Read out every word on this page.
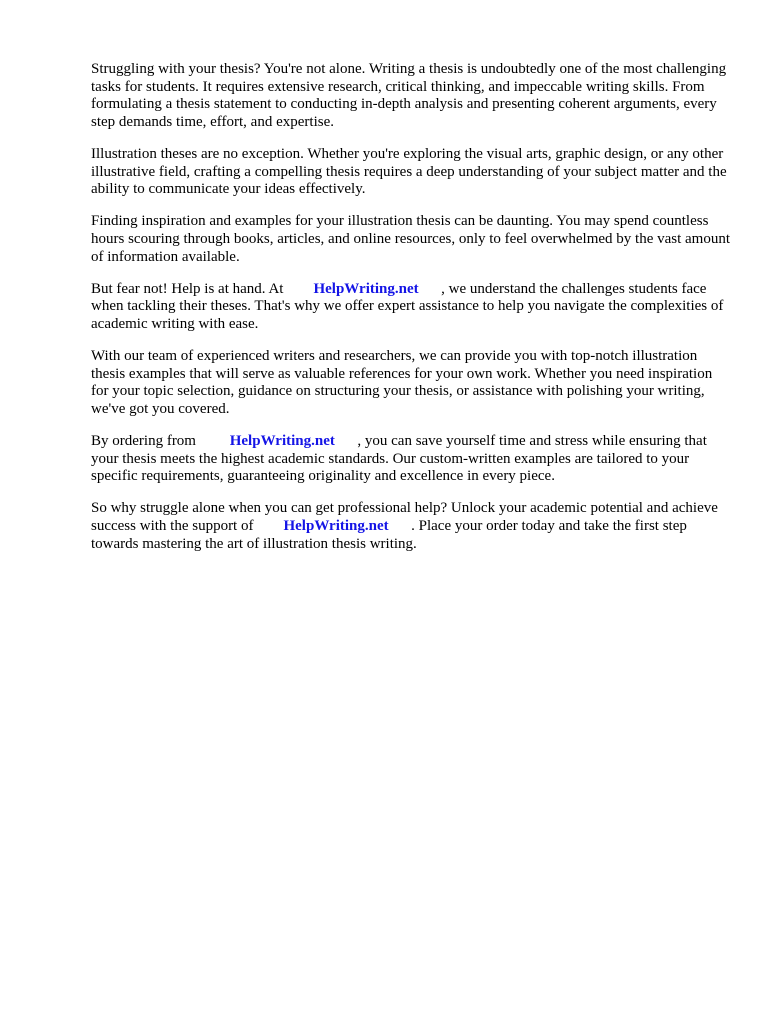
Struggling with your thesis? You're not alone. Writing a thesis is undoubtedly one of the most challenging tasks for students. It requires extensive research, critical thinking, and impeccable writing skills. From formulating a thesis statement to conducting in-depth analysis and presenting coherent arguments, every step demands time, effort, and expertise.

Illustration theses are no exception. Whether you're exploring the visual arts, graphic design, or any other illustrative field, crafting a compelling thesis requires a deep understanding of your subject matter and the ability to communicate your ideas effectively.

Finding inspiration and examples for your illustration thesis can be daunting. You may spend countless hours scouring through books, articles, and online resources, only to feel overwhelmed by the vast amount of information available.

But fear not! Help is at hand. At HelpWriting.net , we understand the challenges students face when tackling their theses. That's why we offer expert assistance to help you navigate the complexities of academic writing with ease.

With our team of experienced writers and researchers, we can provide you with top-notch illustration thesis examples that will serve as valuable references for your own work. Whether you need inspiration for your topic selection, guidance on structuring your thesis, or assistance with polishing your writing, we've got you covered.

By ordering from HelpWriting.net , you can save yourself time and stress while ensuring that your thesis meets the highest academic standards. Our custom-written examples are tailored to your specific requirements, guaranteeing originality and excellence in every piece.

So why struggle alone when you can get professional help? Unlock your academic potential and achieve success with the support of HelpWriting.net . Place your order today and take the first step towards mastering the art of illustration thesis writing.
